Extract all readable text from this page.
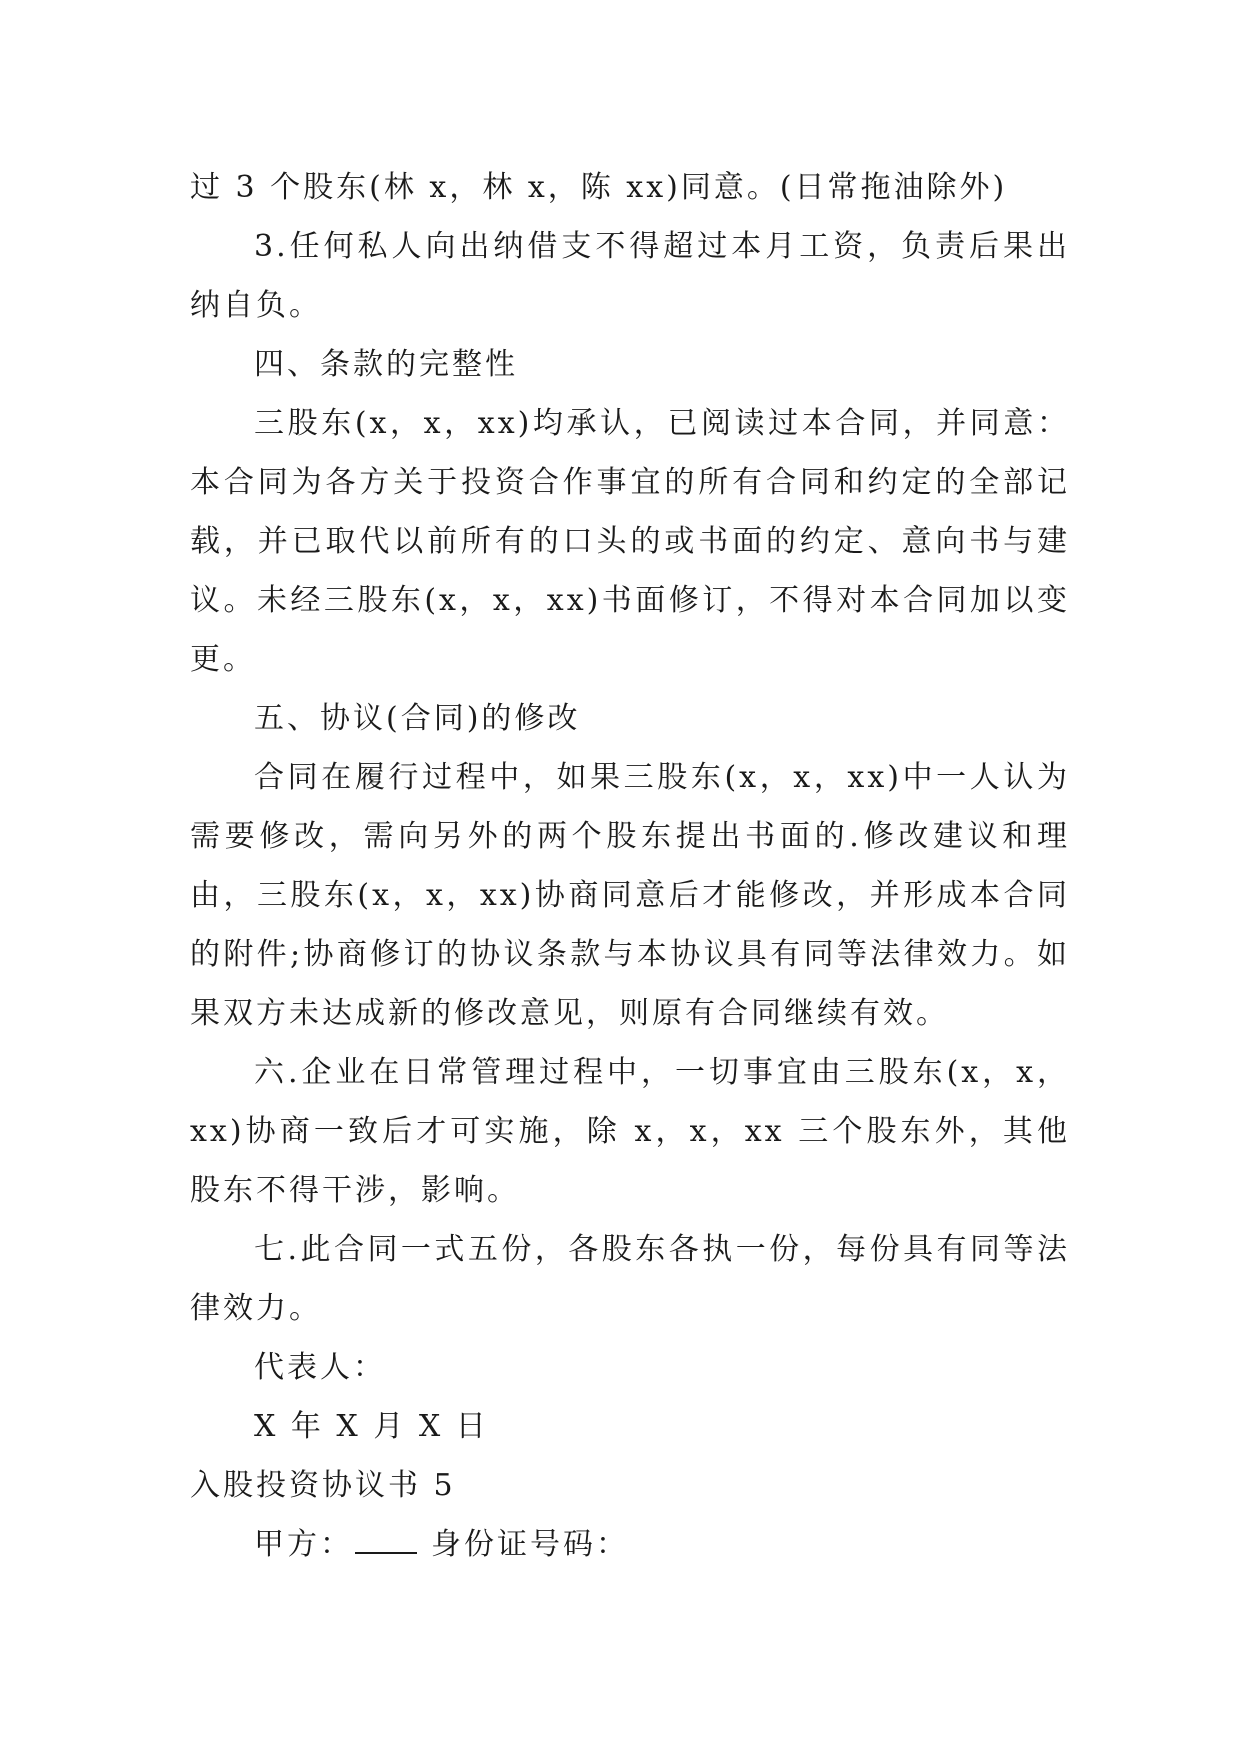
过 3 个股东(林 x，林 x，陈 xx)同意。(日常拖油除外)

3.任何私人向出纳借支不得超过本月工资，负责后果出纳自负。

四、条款的完整性

三股东(x，x，xx)均承认，已阅读过本合同，并同意：本合同为各方关于投资合作事宜的所有合同和约定的全部记载，并已取代以前所有的口头的或书面的约定、意向书与建议。未经三股东(x，x，xx)书面修订，不得对本合同加以变更。

五、协议(合同)的修改

合同在履行过程中，如果三股东(x，x，xx)中一人认为需要修改，需向另外的两个股东提出书面的.修改建议和理由，三股东(x，x，xx)协商同意后才能修改，并形成本合同的附件;协商修订的协议条款与本协议具有同等法律效力。如果双方未达成新的修改意见，则原有合同继续有效。

六.企业在日常管理过程中，一切事宜由三股东(x，x，xx)协商一致后才可实施，除 x，x，xx 三个股东外，其他股东不得干涉，影响。

七.此合同一式五份，各股东各执一份，每份具有同等法律效力。

代表人：

X 年 X 月 X 日

入股投资协议书 5

甲方：	身份证号码：
